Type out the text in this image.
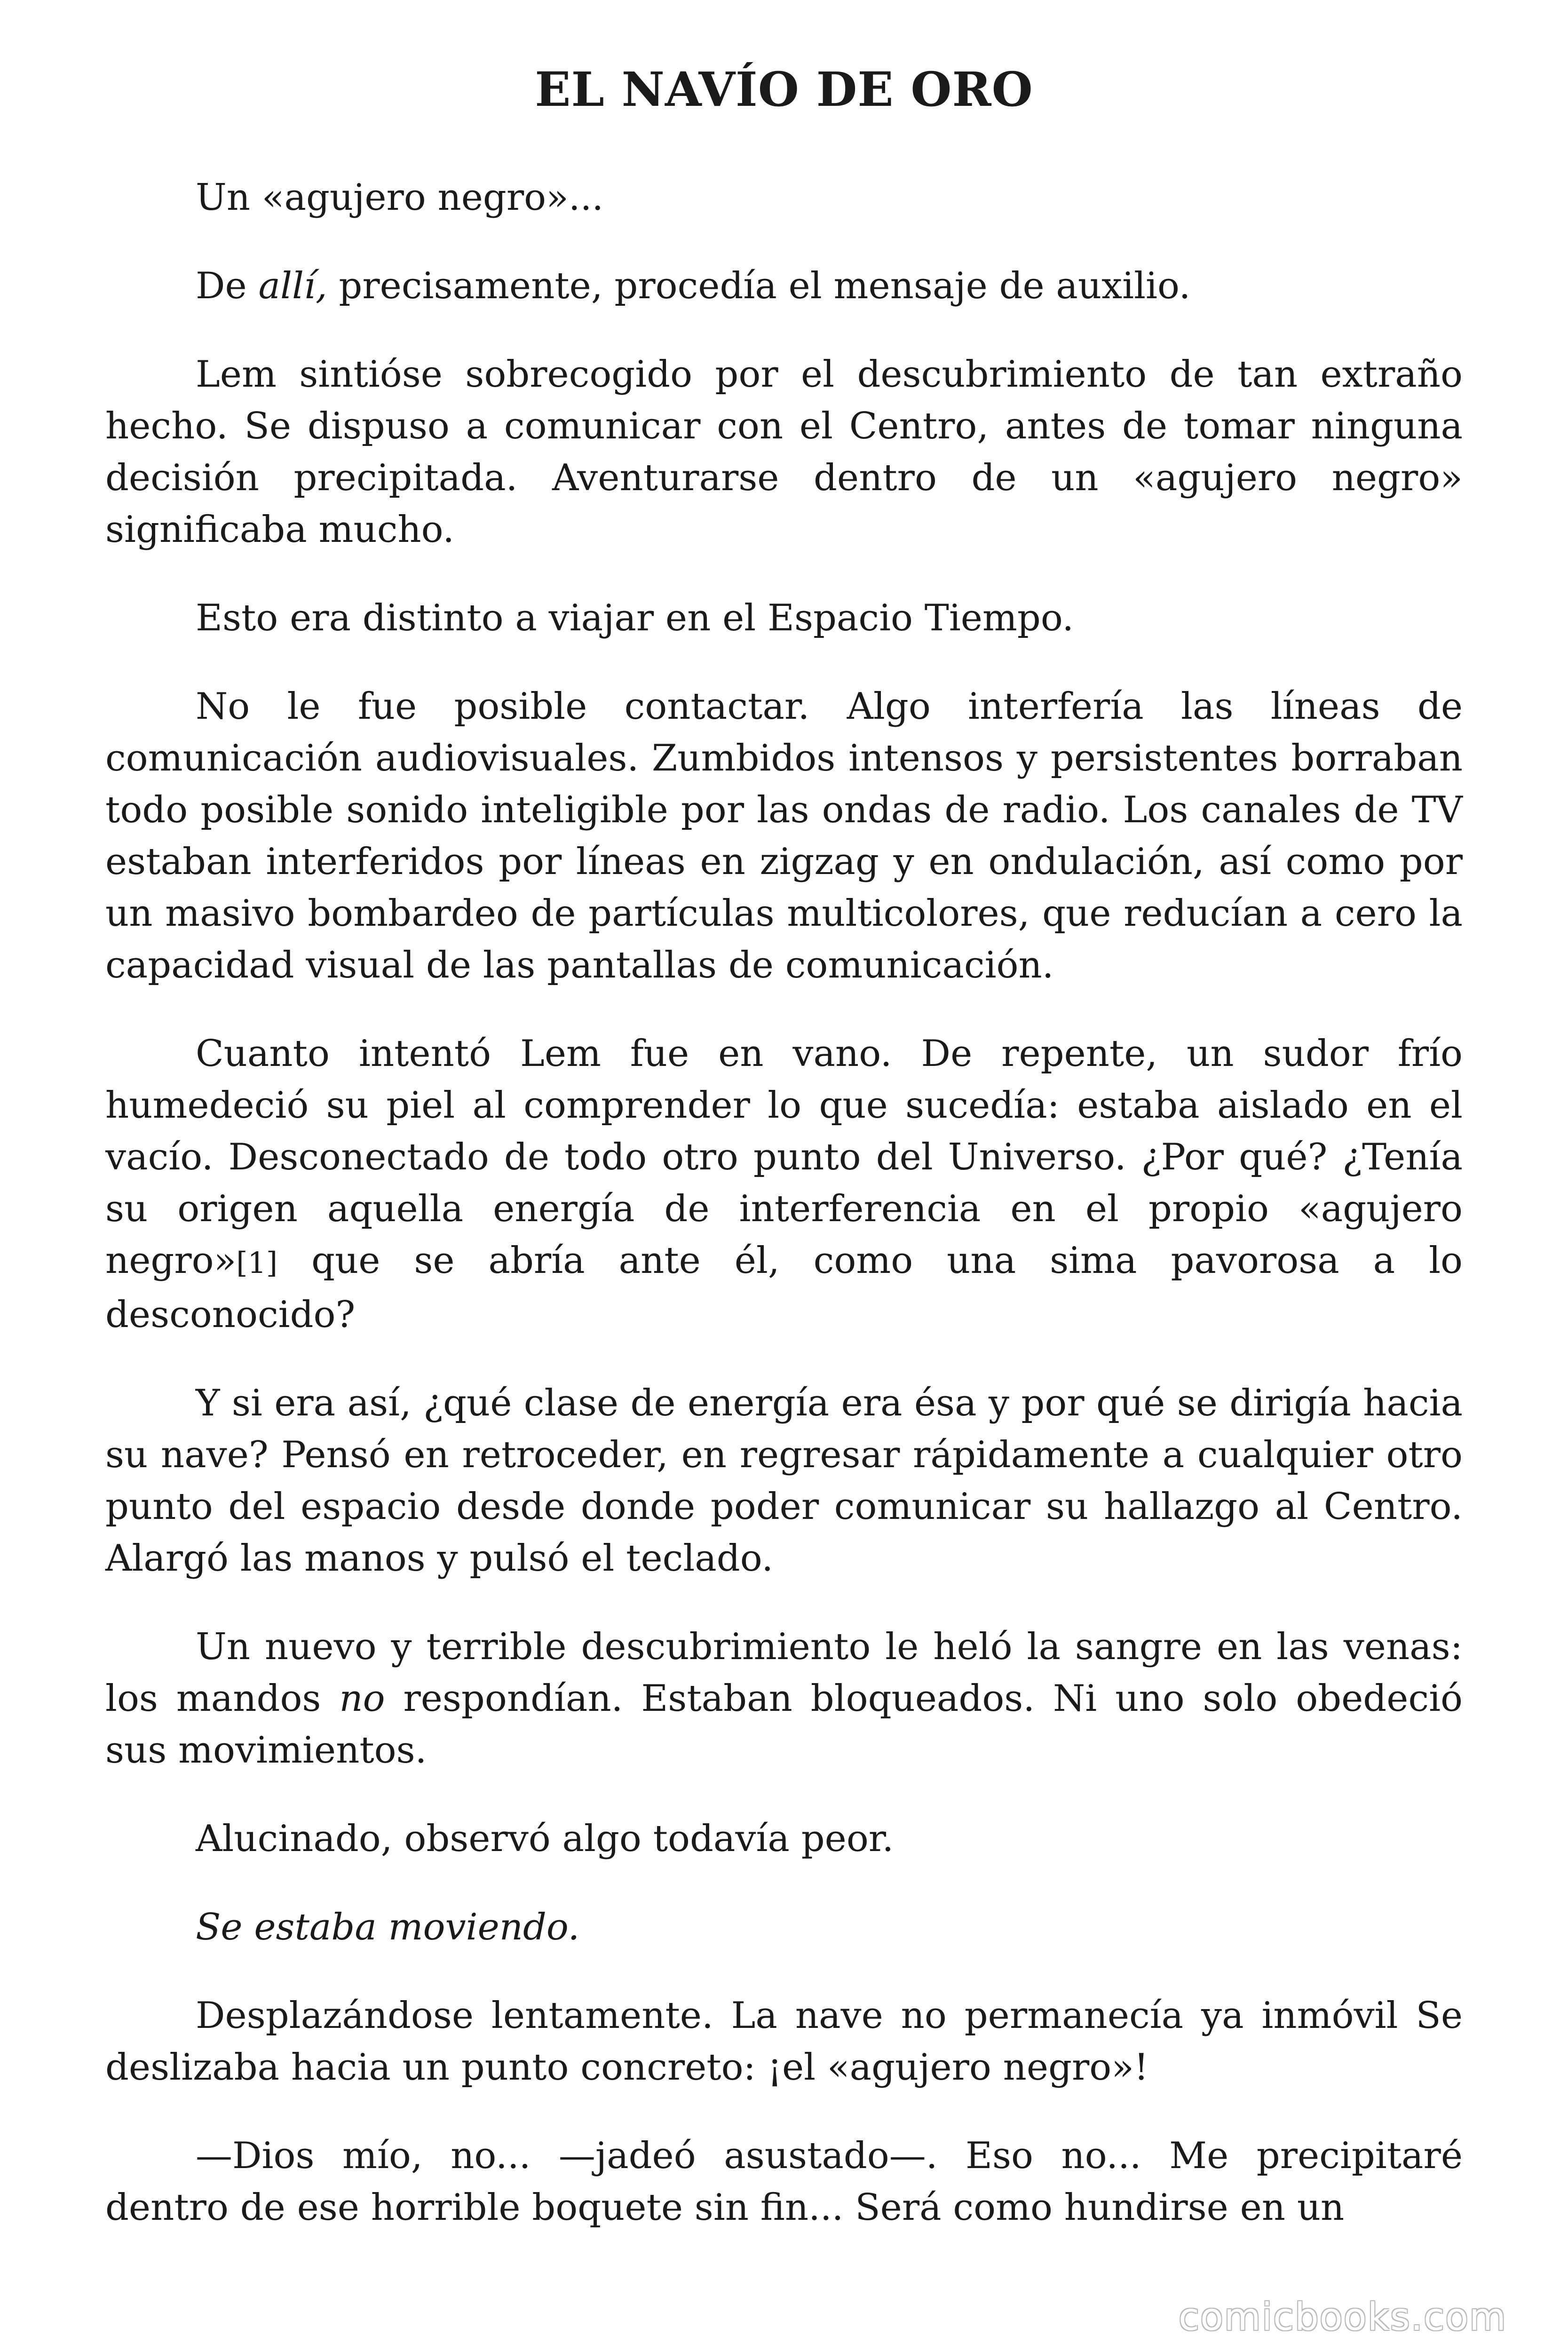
EL NAVÍO DE ORO

Un «agujero negro»...

De allí, precisamente, procedía el mensaje de auxilio.

Lem sintióse sobrecogido por el descubrimiento de tan extraño hecho. Se dispuso a comunicar con el Centro, antes de tomar ninguna decisión precipitada. Aventurarse dentro de un «agujero negro» significaba mucho.

Esto era distinto a viajar en el Espacio Tiempo.

No le fue posible contactar. Algo interfería las líneas de comunicación audiovisuales. Zumbidos intensos y persistentes borraban todo posible sonido inteligible por las ondas de radio. Los canales de TV estaban interferidos por líneas en zigzag y en ondulación, así como por un masivo bombardeo de partículas multicolores, que reducían a cero la capacidad visual de las pantallas de comunicación.

Cuanto intentó Lem fue en vano. De repente, un sudor frío humedeció su piel al comprender lo que sucedía: estaba aislado en el vacío. Desconectado de todo otro punto del Universo. ¿Por qué? ¿Tenía su origen aquella energía de interferencia en el propio «agujero negro»[1] que se abría ante él, como una sima pavorosa a lo desconocido?

Y si era así, ¿qué clase de energía era ésa y por qué se dirigía hacia su nave? Pensó en retroceder, en regresar rápidamente a cualquier otro punto del espacio desde donde poder comunicar su hallazgo al Centro. Alargó las manos y pulsó el teclado.

Un nuevo y terrible descubrimiento le heló la sangre en las venas: los mandos no respondían. Estaban bloqueados. Ni uno solo obedeció sus movimientos.

Alucinado, observó algo todavía peor.

Se estaba moviendo.

Desplazándose lentamente. La nave no permanecía ya inmóvil Se deslizaba hacia un punto concreto: ¡el «agujero negro»!

—Dios mío, no... —jadeó asustado—. Eso no... Me precipitaré dentro de ese horrible boquete sin fin... Será como hundirse en un

comicbooks.com
